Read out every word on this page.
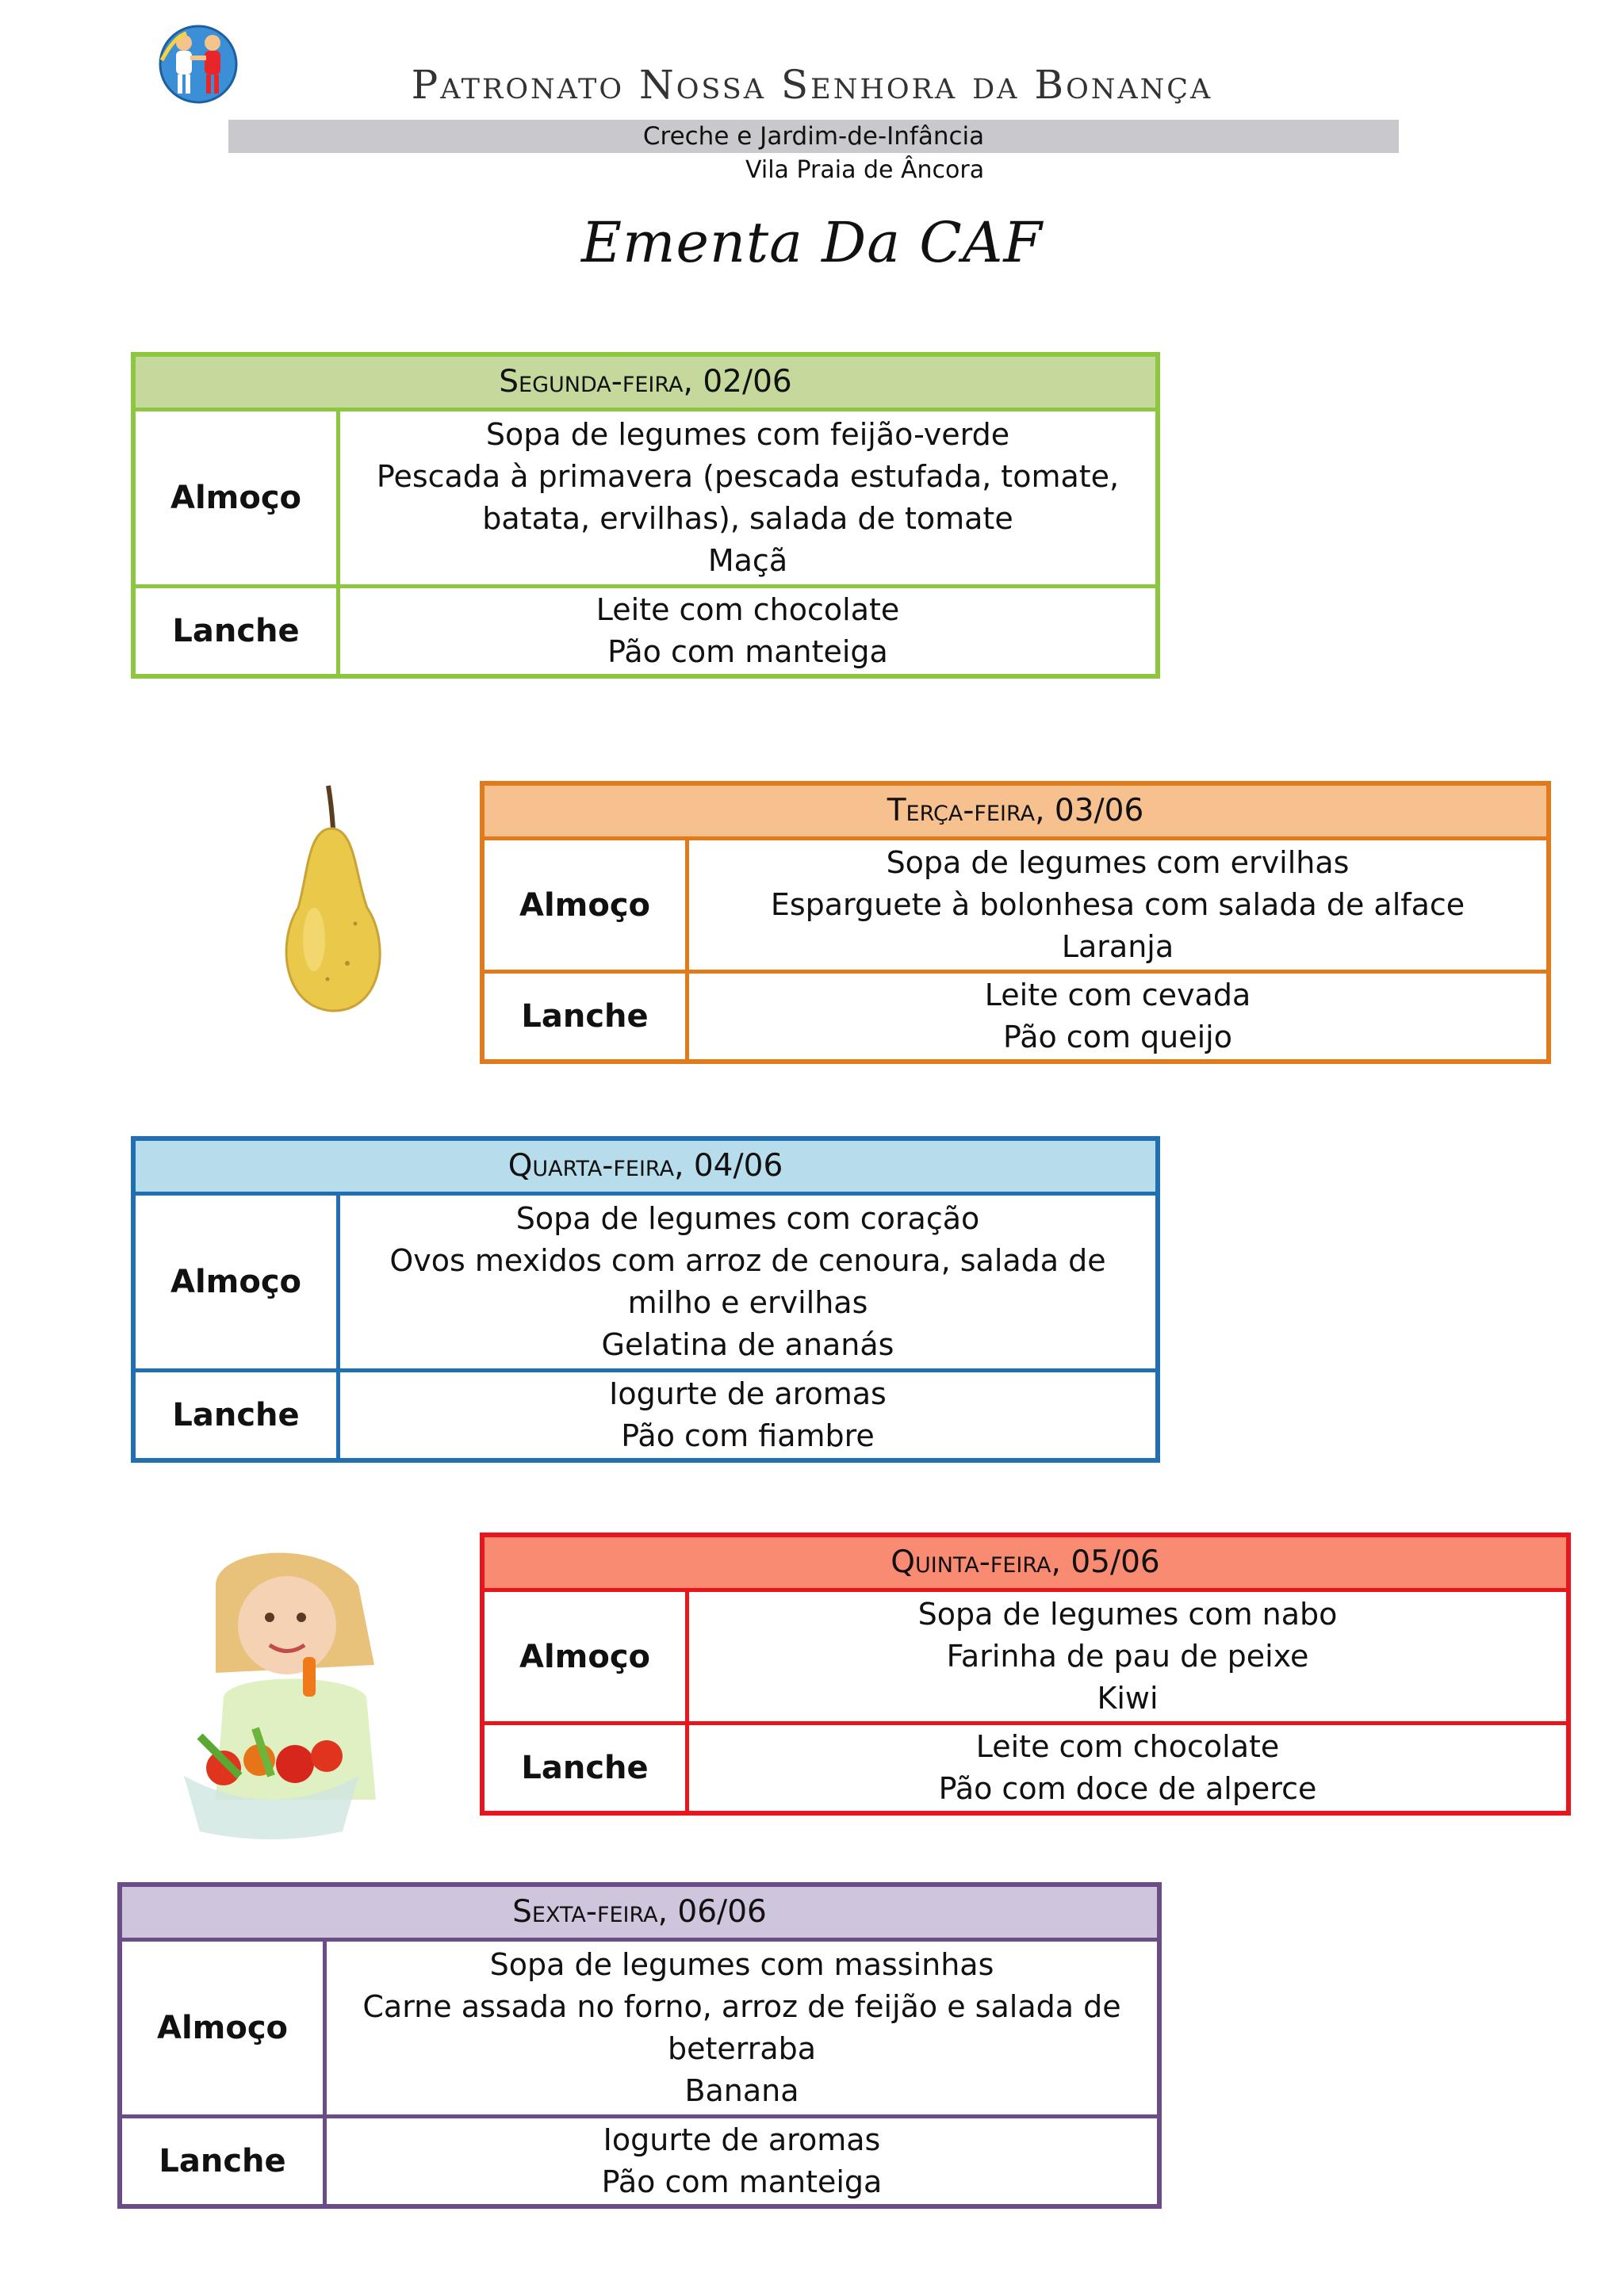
Patronato Nossa Senhora da Bonança
Creche e Jardim-de-Infância
Vila Praia de Âncora
Ementa Da CAF
Segunda-feira, 02/06
Almoço
Sopa de legumes com feijão-verde
Pescada à primavera (pescada estufada, tomate, batata, ervilhas), salada de tomate
Maçã
Lanche
Leite com chocolate
Pão com manteiga
Terça-feira, 03/06
Almoço
Sopa de legumes com ervilhas
Esparguete à bolonhesa com salada de alface
Laranja
Lanche
Leite com cevada
Pão com queijo
Quarta-feira, 04/06
Almoço
Sopa de legumes com coração
Ovos mexidos com arroz de cenoura, salada de milho e ervilhas
Gelatina de ananás
Lanche
Iogurte de aromas
Pão com fiambre
Quinta-feira, 05/06
Almoço
Sopa de legumes com nabo
Farinha de pau de peixe
Kiwi
Lanche
Leite com chocolate
Pão com doce de alperce
Sexta-feira, 06/06
Almoço
Sopa de legumes com massinhas
Carne assada no forno, arroz de feijão e salada de beterraba
Banana
Lanche
Iogurte de aromas
Pão com manteiga
